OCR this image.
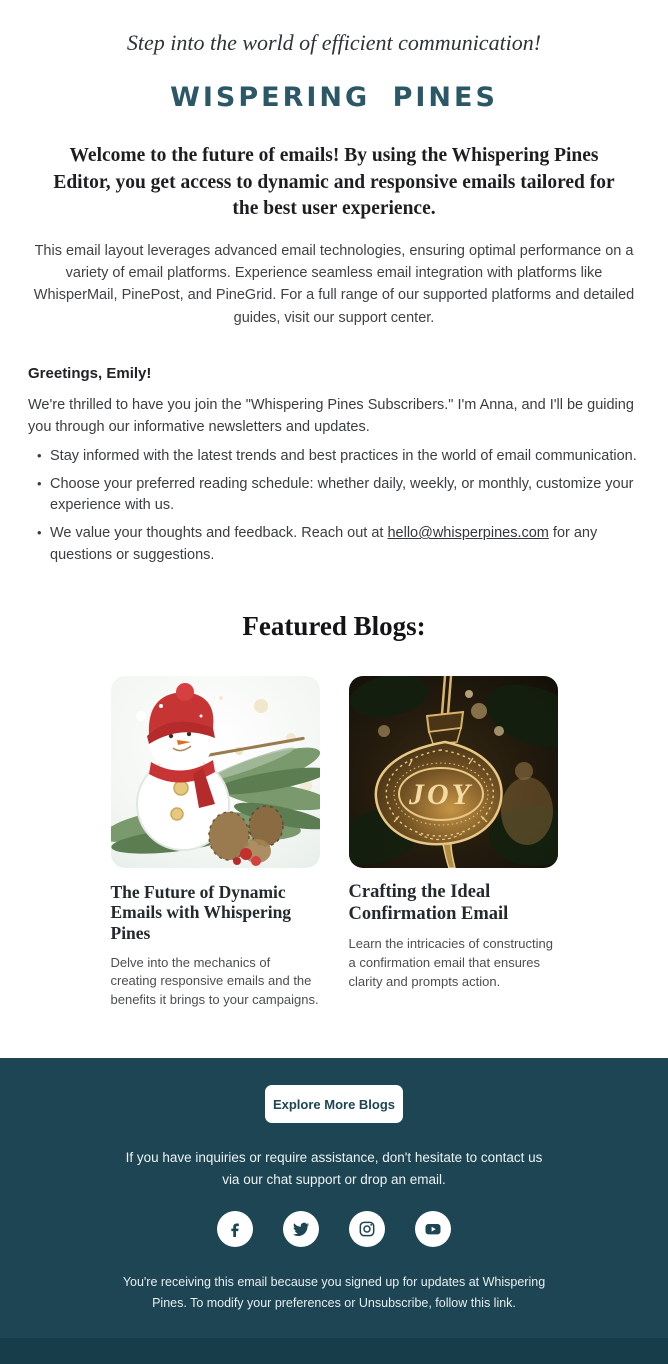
Step into the world of efficient communication!
WISPERING PINES
Welcome to the future of emails! By using the Whispering Pines Editor, you get access to dynamic and responsive emails tailored for the best user experience.
This email layout leverages advanced email technologies, ensuring optimal performance on a variety of email platforms. Experience seamless email integration with platforms like WhisperMail, PinePost, and PineGrid. For a full range of our supported platforms and detailed guides, visit our support center.
Greetings, Emily!
We're thrilled to have you join the "Whispering Pines Subscribers." I'm Anna, and I'll be guiding you through our informative newsletters and updates.
• Stay informed with the latest trends and best practices in the world of email communication.
• Choose your preferred reading schedule: whether daily, weekly, or monthly, customize your experience with us.
• We value your thoughts and feedback. Reach out at hello@whisperpines.com for any questions or suggestions.
Featured Blogs:
The Future of Dynamic Emails with Whispering Pines
Delve into the mechanics of creating responsive emails and the benefits it brings to your campaigns.
JOY
Crafting the Ideal Confirmation Email
Learn the intricacies of constructing a confirmation email that ensures clarity and prompts action.
Explore More Blogs
If you have inquiries or require assistance, don't hesitate to contact us via our chat support or drop an email.
You're receiving this email because you signed up for updates at Whispering Pines. To modify your preferences or Unsubscribe, follow this link.
